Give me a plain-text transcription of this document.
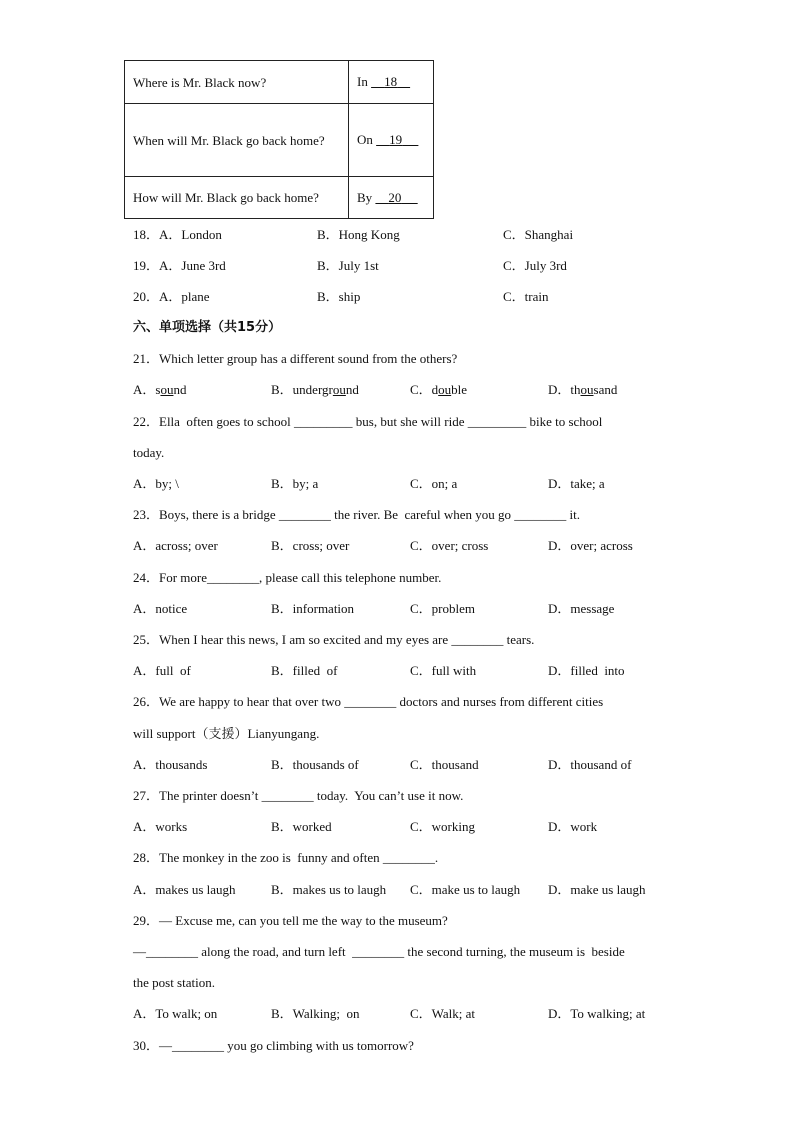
Where is Mr. Black now?	In 18
When will Mr. Black go back home?	On 19
How will Mr. Black go back home?	By 20
18．A．London	B．Hong Kong	C．Shanghai
19．A．June 3rd	B．July 1st	C．July 3rd
20．A．plane	B．ship	C．train
六、单项选择（共15分）
21．Which letter group has a different sound from the others?
A．sound	B．underground	C．double	D．thousand
22．Ella  often goes to school _________ bus, but she will ride _________ bike to school
today.
A．by; \	B．by; a	C．on; a	D．take; a
23．Boys, there is a bridge ________ the river. Be  careful when you go ________ it.
A．across; over	B．cross; over	C．over; cross	D．over; across
24．For more________, please call this telephone number.
A．notice	B．information	C．problem	D．message
25．When I hear this news, I am so excited and my eyes are ________ tears.
A．full  of	B．filled  of	C．full with	D．filled  into
26．We are happy to hear that over two ________ doctors and nurses from different cities
will support（支援）Lianyungang.
A．thousands	B．thousands of	C．thousand	D．thousand of
27．The printer doesn’t ________ today.  You can’t use it now.
A．works	B．worked	C．working	D．work
28．The monkey in the zoo is  funny and often ________.
A．makes us laugh	B．makes us to laugh C．make us to laugh D．make us laugh
29．— Excuse me, can you tell me the way to the museum?
—________ along the road, and turn left  ________ the second turning, the museum is  beside
the post station.
A．To walk; on	B．Walking;  on	C．Walk; at	D．To walking; at
30．—________ you go climbing with us tomorrow?
